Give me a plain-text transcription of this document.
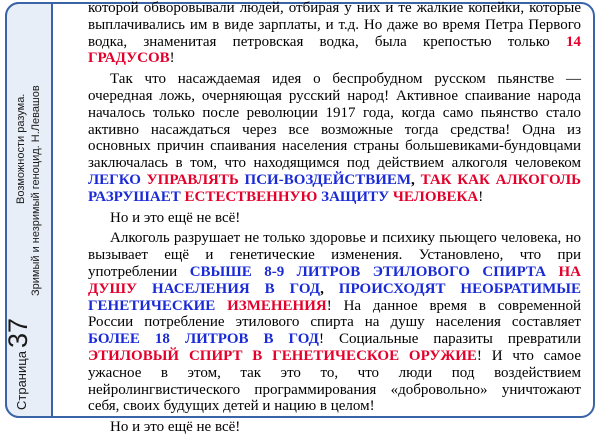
Страница
37
Возможности разума. Зримый и незримый геноцид. Н.Левашов

которой обворовывали людей, отбирая у них и те жалкие копейки, которые выплачивались им в виде зарплаты, и т.д. Но даже во время Петра Первого водка, знаменитая петровская водка, была крепостью только 14 ГРАДУСОВ!

Так что насаждаемая идея о беспробудном русском пьянстве — очередная ложь, очерняющая русский народ! Активное спаивание народа началось только после революции 1917 года, когда само пьянство стало активно насаждаться через все возможные тогда средства! Одна из основных причин спаивания населения страны большевиками-бундовцами заключалась в том, что находящимся под действием алкоголя человеком ЛЕГКО УПРАВЛЯТЬ ПСИ-ВОЗДЕЙСТВИЕМ, ТАК КАК АЛКОГОЛЬ РАЗРУШАЕТ ЕСТЕСТВЕННУЮ ЗАЩИТУ ЧЕЛОВЕКА!

Но и это ещё не всё!

Алкоголь разрушает не только здоровье и психику пьющего человека, но вызывает ещё и генетические изменения. Установлено, что при употреблении СВЫШЕ 8-9 ЛИТРОВ ЭТИЛОВОГО СПИРТА НА ДУШУ НАСЕЛЕНИЯ В ГОД, ПРОИСХОДЯТ НЕОБРАТИМЫЕ ГЕНЕТИЧЕСКИЕ ИЗМЕНЕНИЯ! На данное время в современной России потребление этилового спирта на душу населения составляет БОЛЕЕ 18 ЛИТРОВ В ГОД! Социальные паразиты превратили ЭТИЛОВЫЙ СПИРТ В ГЕНЕТИЧЕСКОЕ ОРУЖИЕ! И что самое ужасное в этом, так это то, что люди под воздействием нейролингвистического программирования «добровольно» уничтожают себя, своих будущих детей и нацию в целом!

Но и это ещё не всё!
